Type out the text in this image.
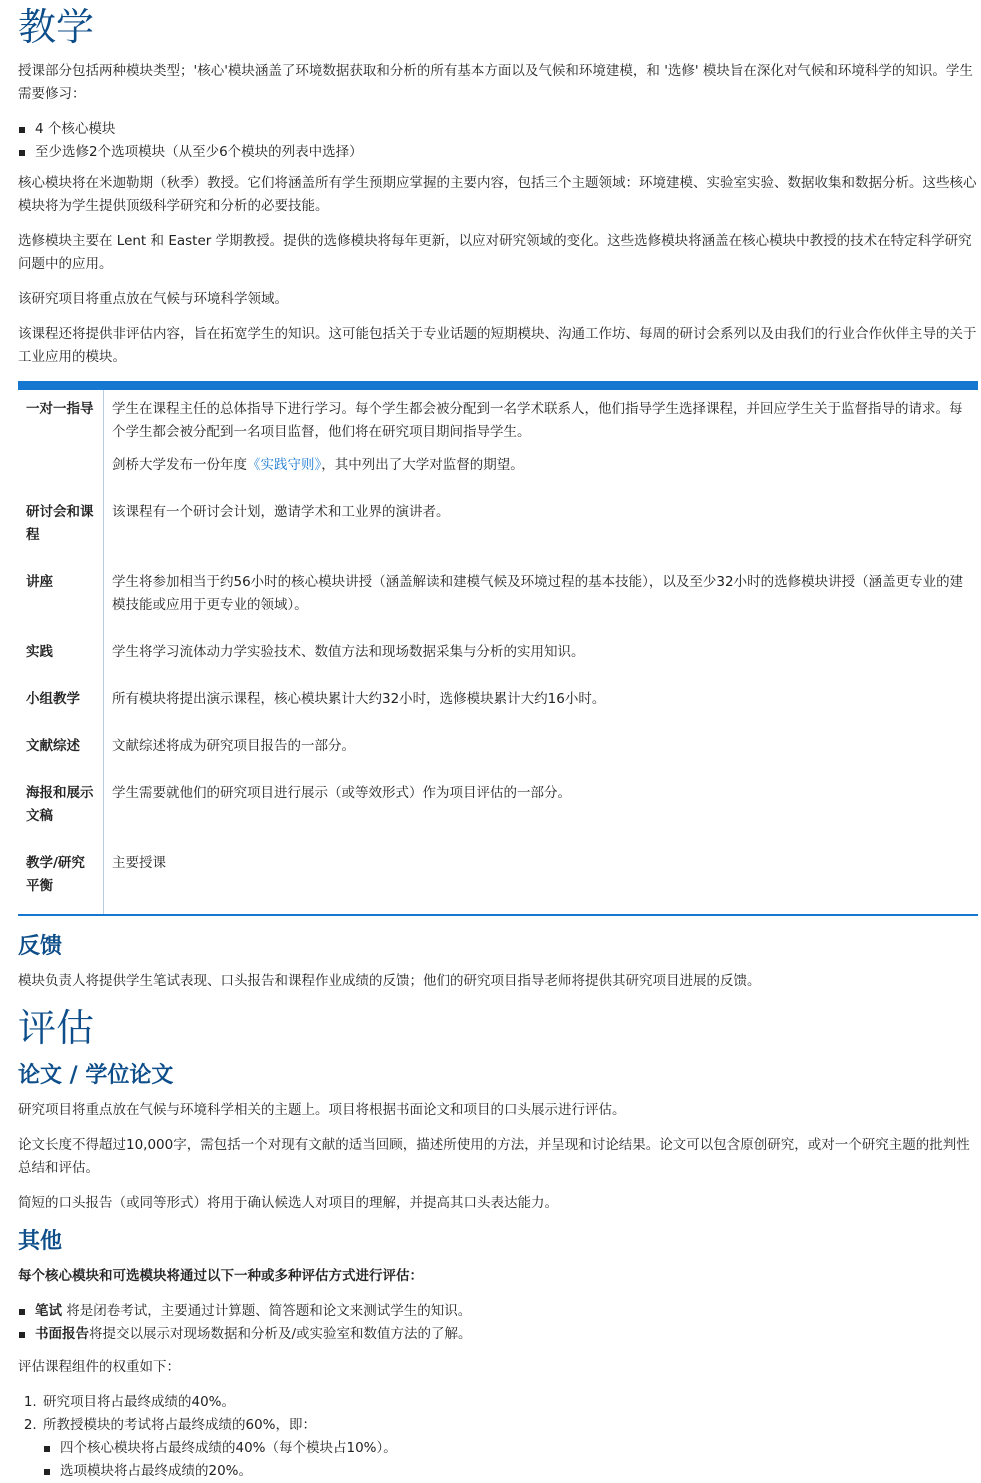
教学

授课部分包括两种模块类型；'核心'模块涵盖了环境数据获取和分析的所有基本方面以及气候和环境建模，和 '选修' 模块旨在深化对气候和环境科学的知识。学生需要修习：

4 个核心模块
至少选修2个选项模块（从至少6个模块的列表中选择）

核心模块将在米迦勒期（秋季）教授。它们将涵盖所有学生预期应掌握的主要内容，包括三个主题领域：环境建模、实验室实验、数据收集和数据分析。这些核心模块将为学生提供顶级科学研究和分析的必要技能。

选修模块主要在 Lent 和 Easter 学期教授。提供的选修模块将每年更新，以应对研究领域的变化。这些选修模块将涵盖在核心模块中教授的技术在特定科学研究问题中的应用。

该研究项目将重点放在气候与环境科学领域。

该课程还将提供非评估内容，旨在拓宽学生的知识。这可能包括关于专业话题的短期模块、沟通工作坊、每周的研讨会系列以及由我们的行业合作伙伴主导的关于工业应用的模块。

一对一指导	学生在课程主任的总体指导下进行学习。每个学生都会被分配到一名学术联系人，他们指导学生选择课程，并回应学生关于监督指导的请求。每个学生都会被分配到一名项目监督，他们将在研究项目期间指导学生。

剑桥大学发布一份年度《实践守则》，其中列出了大学对监督的期望。

研讨会和课程	该课程有一个研讨会计划，邀请学术和工业界的演讲者。
讲座	学生将参加相当于约56小时的核心模块讲授（涵盖解读和建模气候及环境过程的基本技能），以及至少32小时的选修模块讲授（涵盖更专业的建模技能或应用于更专业的领域）。
实践	学生将学习流体动力学实验技术、数值方法和现场数据采集与分析的实用知识。
小组教学	所有模块将提出演示课程，核心模块累计大约32小时，选修模块累计大约16小时。
文献综述	文献综述将成为研究项目报告的一部分。
海报和展示文稿	学生需要就他们的研究项目进行展示（或等效形式）作为项目评估的一部分。
教学/研究平衡	主要授课
反馈

模块负责人将提供学生笔试表现、口头报告和课程作业成绩的反馈；他们的研究项目指导老师将提供其研究项目进展的反馈。

评估
论文 / 学位论文

研究项目将重点放在气候与环境科学相关的主题上。项目将根据书面论文和项目的口头展示进行评估。

论文长度不得超过10,000字，需包括一个对现有文献的适当回顾，描述所使用的方法，并呈现和讨论结果。论文可以包含原创研究，或对一个研究主题的批判性总结和评估。

简短的口头报告（或同等形式）将用于确认候选人对项目的理解，并提高其口头表达能力。

其他

每个核心模块和可选模块将通过以下一种或多种评估方式进行评估：

笔试 将是闭卷考试，主要通过计算题、简答题和论文来测试学生的知识。
书面报告将提交以展示对现场数据和分析及/或实验室和数值方法的了解。

评估课程组件的权重如下：

1. 研究项目将占最终成绩的40%。
2. 所教授模块的考试将占最终成绩的60%，即：
四个核心模块将占最终成绩的40%（每个模块占10%）。
选项模块将占最终成绩的20%。
